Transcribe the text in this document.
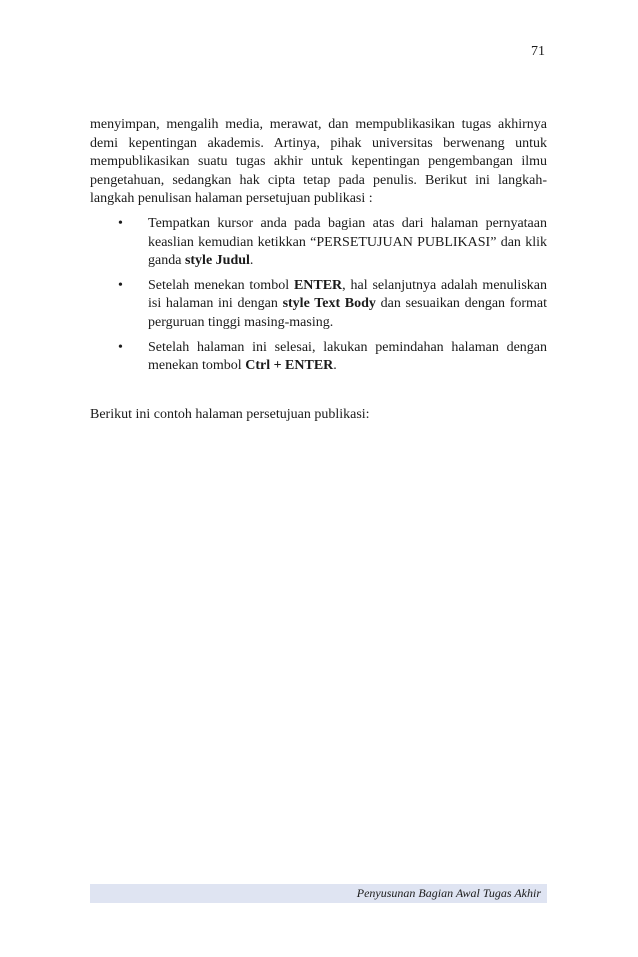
71

menyimpan, mengalih media, merawat, dan mempublikasikan tugas akhirnya demi kepentingan akademis. Artinya, pihak universitas berwenang untuk mempublikasikan suatu tugas akhir untuk kepentingan pengembangan ilmu pengetahuan, sedangkan hak cipta tetap pada penulis. Berikut ini langkah-langkah penulisan halaman persetujuan publikasi :

• Tempatkan kursor anda pada bagian atas dari halaman pernyataan keaslian kemudian ketikkan “PERSETUJUAN PUBLIKASI” dan klik ganda style Judul.
• Setelah menekan tombol ENTER, hal selanjutnya adalah menuliskan isi halaman ini dengan style Text Body dan sesuaikan dengan format perguruan tinggi masing-masing.
• Setelah halaman ini selesai, lakukan pemindahan halaman dengan menekan tombol Ctrl + ENTER.

Berikut ini contoh halaman persetujuan publikasi:

Penyusunan Bagian Awal Tugas Akhir
